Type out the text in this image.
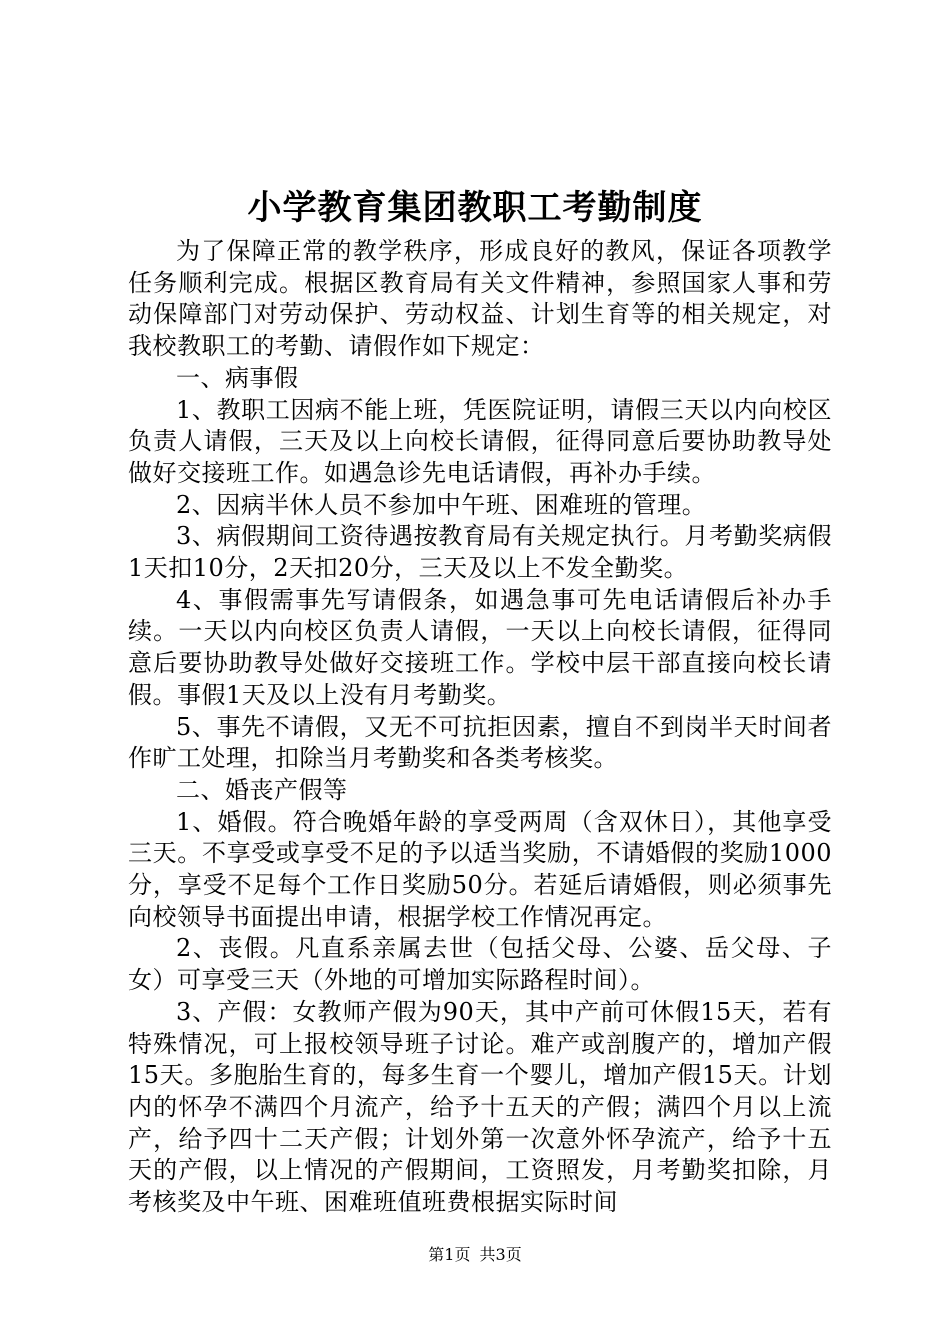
小学教育集团教职工考勤制度

为了保障正常的教学秩序，形成良好的教风，保证各项教学任务顺利完成。根据区教育局有关文件精神，参照国家人事和劳动保障部门对劳动保护、劳动权益、计划生育等的相关规定，对我校教职工的考勤、请假作如下规定：

一、病事假

1、教职工因病不能上班，凭医院证明，请假三天以内向校区负责人请假，三天及以上向校长请假，征得同意后要协助教导处做好交接班工作。如遇急诊先电话请假，再补办手续。

2、因病半休人员不参加中午班、困难班的管理。

3、病假期间工资待遇按教育局有关规定执行。月考勤奖病假1天扣10分，2天扣20分，三天及以上不发全勤奖。

4、事假需事先写请假条，如遇急事可先电话请假后补办手续。一天以内向校区负责人请假，一天以上向校长请假，征得同意后要协助教导处做好交接班工作。学校中层干部直接向校长请假。事假1天及以上没有月考勤奖。

5、事先不请假，又无不可抗拒因素，擅自不到岗半天时间者作旷工处理，扣除当月考勤奖和各类考核奖。

二、婚丧产假等

1、婚假。符合晚婚年龄的享受两周（含双休日），其他享受三天。不享受或享受不足的予以适当奖励，不请婚假的奖励1000分，享受不足每个工作日奖励50分。若延后请婚假，则必须事先向校领导书面提出申请，根据学校工作情况再定。

2、丧假。凡直系亲属去世（包括父母、公婆、岳父母、子女）可享受三天（外地的可增加实际路程时间）。

3、产假：女教师产假为90天，其中产前可休假15天，若有特殊情况，可上报校领导班子讨论。难产或剖腹产的，增加产假15天。多胞胎生育的，每多生育一个婴儿，增加产假15天。计划内的怀孕不满四个月流产，给予十五天的产假；满四个月以上流产，给予四十二天产假；计划外第一次意外怀孕流产，给予十五天的产假，以上情况的产假期间，工资照发，月考勤奖扣除，月考核奖及中午班、困难班值班费根据实际时间

第1页 共3页
